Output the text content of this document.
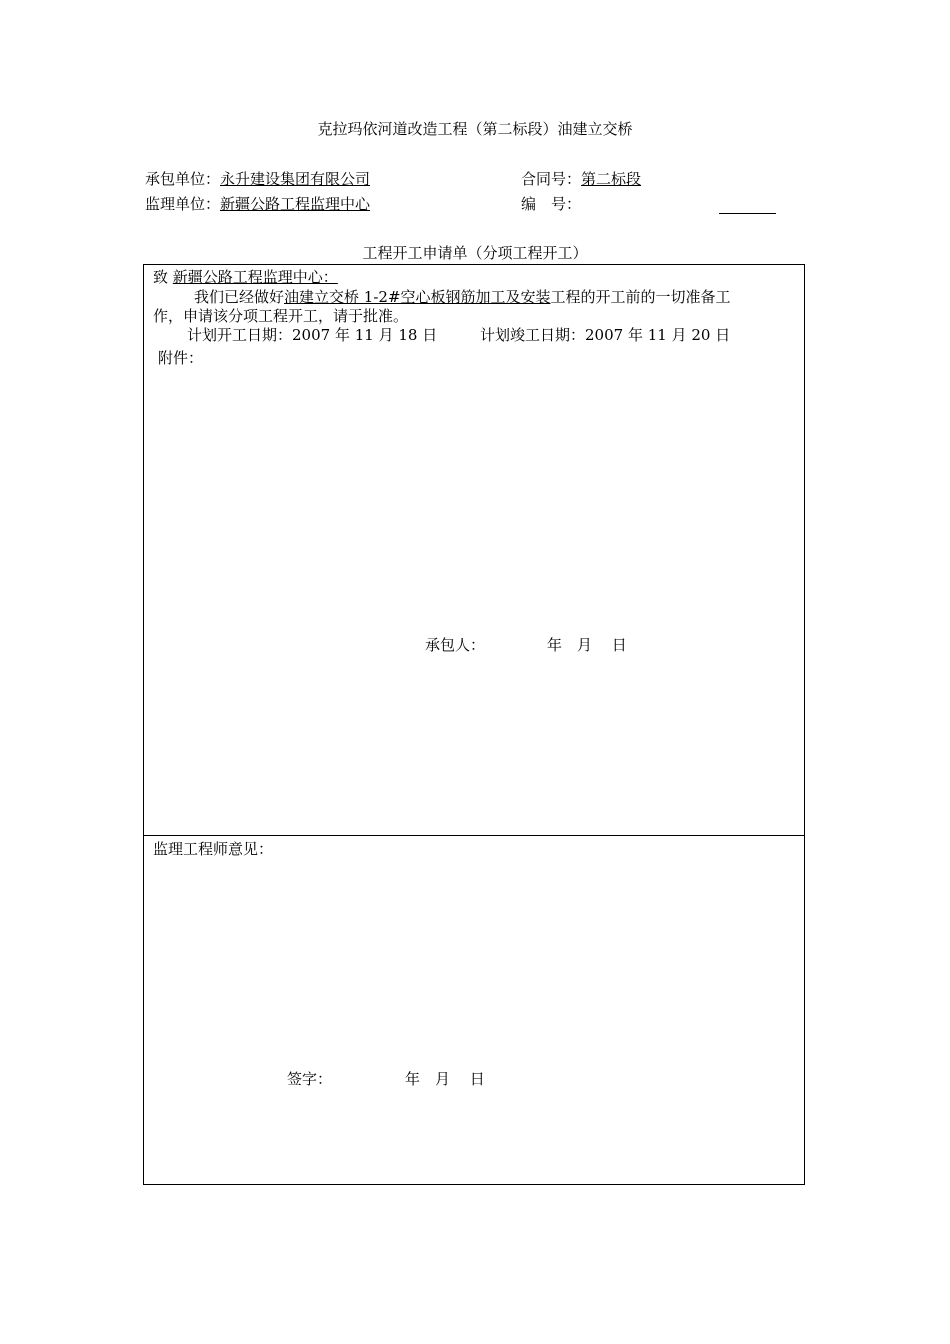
克拉玛依河道改造工程（第二标段）油建立交桥
承包单位：永升建设集团有限公司	合同号：第二标段
监理单位：新疆公路工程监理中心	编　号：
工程开工申请单（分项工程开工）
致 新疆公路工程监理中心：
我们已经做好油建立交桥 1-2#空心板钢筋加工及安装工程的开工前的一切准备工
作，申请该分项工程开工，请于批准。
计划开工日期：2007 年 11 月 18 日	计划竣工日期：2007 年 11 月 20 日
附件：
承包人：	年　月　 日
监理工程师意见：
签字：	年　月　 日
